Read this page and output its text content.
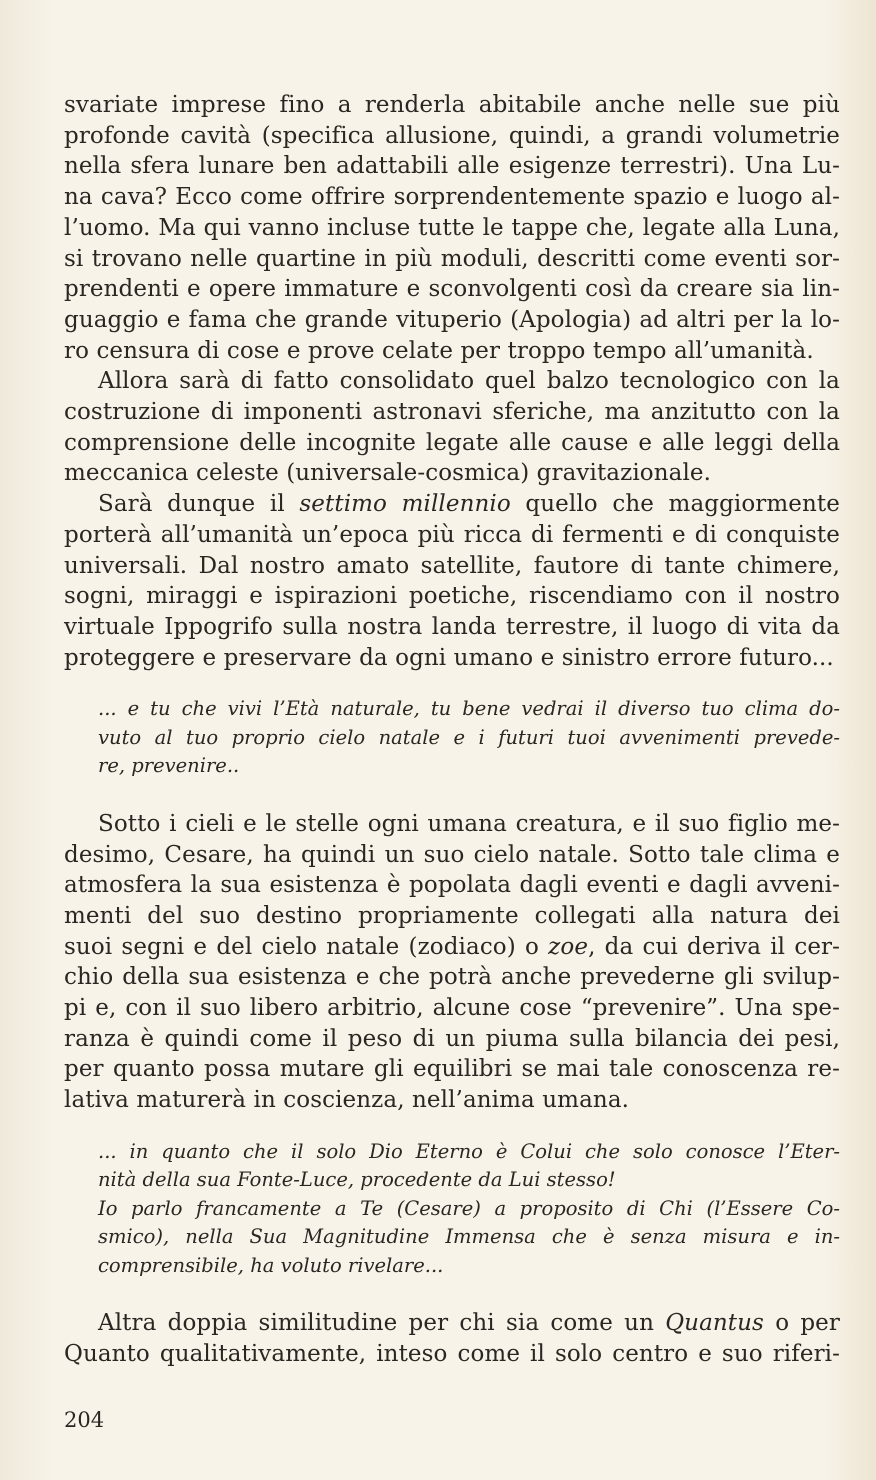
svariate imprese fino a renderla abitabile anche nelle sue più
profonde cavità (specifica allusione, quindi, a grandi volumetrie
nella sfera lunare ben adattabili alle esigenze terrestri). Una Lu-
na cava? Ecco come offrire sorprendentemente spazio e luogo al-
l’uomo. Ma qui vanno incluse tutte le tappe che, legate alla Luna,
si trovano nelle quartine in più moduli, descritti come eventi sor-
prendenti e opere immature e sconvolgenti così da creare sia lin-
guaggio e fama che grande vituperio (Apologia) ad altri per la lo-
ro censura di cose e prove celate per troppo tempo all’umanità.
Allora sarà di fatto consolidato quel balzo tecnologico con la
costruzione di imponenti astronavi sferiche, ma anzitutto con la
comprensione delle incognite legate alle cause e alle leggi della
meccanica celeste (universale-cosmica) gravitazionale.
Sarà dunque il settimo millennio quello che maggiormente
porterà all’umanità un’epoca più ricca di fermenti e di conquiste
universali. Dal nostro amato satellite, fautore di tante chimere,
sogni, miraggi e ispirazioni poetiche, riscendiamo con il nostro
virtuale Ippogrifo sulla nostra landa terrestre, il luogo di vita da
proteggere e preservare da ogni umano e sinistro errore futuro...
... e tu che vivi l’Età naturale, tu bene vedrai il diverso tuo clima do-
vuto al tuo proprio cielo natale e i futuri tuoi avvenimenti prevede-
re, prevenire..
Sotto i cieli e le stelle ogni umana creatura, e il suo figlio me-
desimo, Cesare, ha quindi un suo cielo natale. Sotto tale clima e
atmosfera la sua esistenza è popolata dagli eventi e dagli avveni-
menti del suo destino propriamente collegati alla natura dei
suoi segni e del cielo natale (zodiaco) o zoe, da cui deriva il cer-
chio della sua esistenza e che potrà anche prevederne gli svilup-
pi e, con il suo libero arbitrio, alcune cose “prevenire”. Una spe-
ranza è quindi come il peso di un piuma sulla bilancia dei pesi,
per quanto possa mutare gli equilibri se mai tale conoscenza re-
lativa maturerà in coscienza, nell’anima umana.
... in quanto che il solo Dio Eterno è Colui che solo conosce l’Eter-
nità della sua Fonte-Luce, procedente da Lui stesso!
Io parlo francamente a Te (Cesare) a proposito di Chi (l’Essere Co-
smico), nella Sua Magnitudine Immensa che è senza misura e in-
comprensibile, ha voluto rivelare...
Altra doppia similitudine per chi sia come un Quantus o per
Quanto qualitativamente, inteso come il solo centro e suo riferi-
204
